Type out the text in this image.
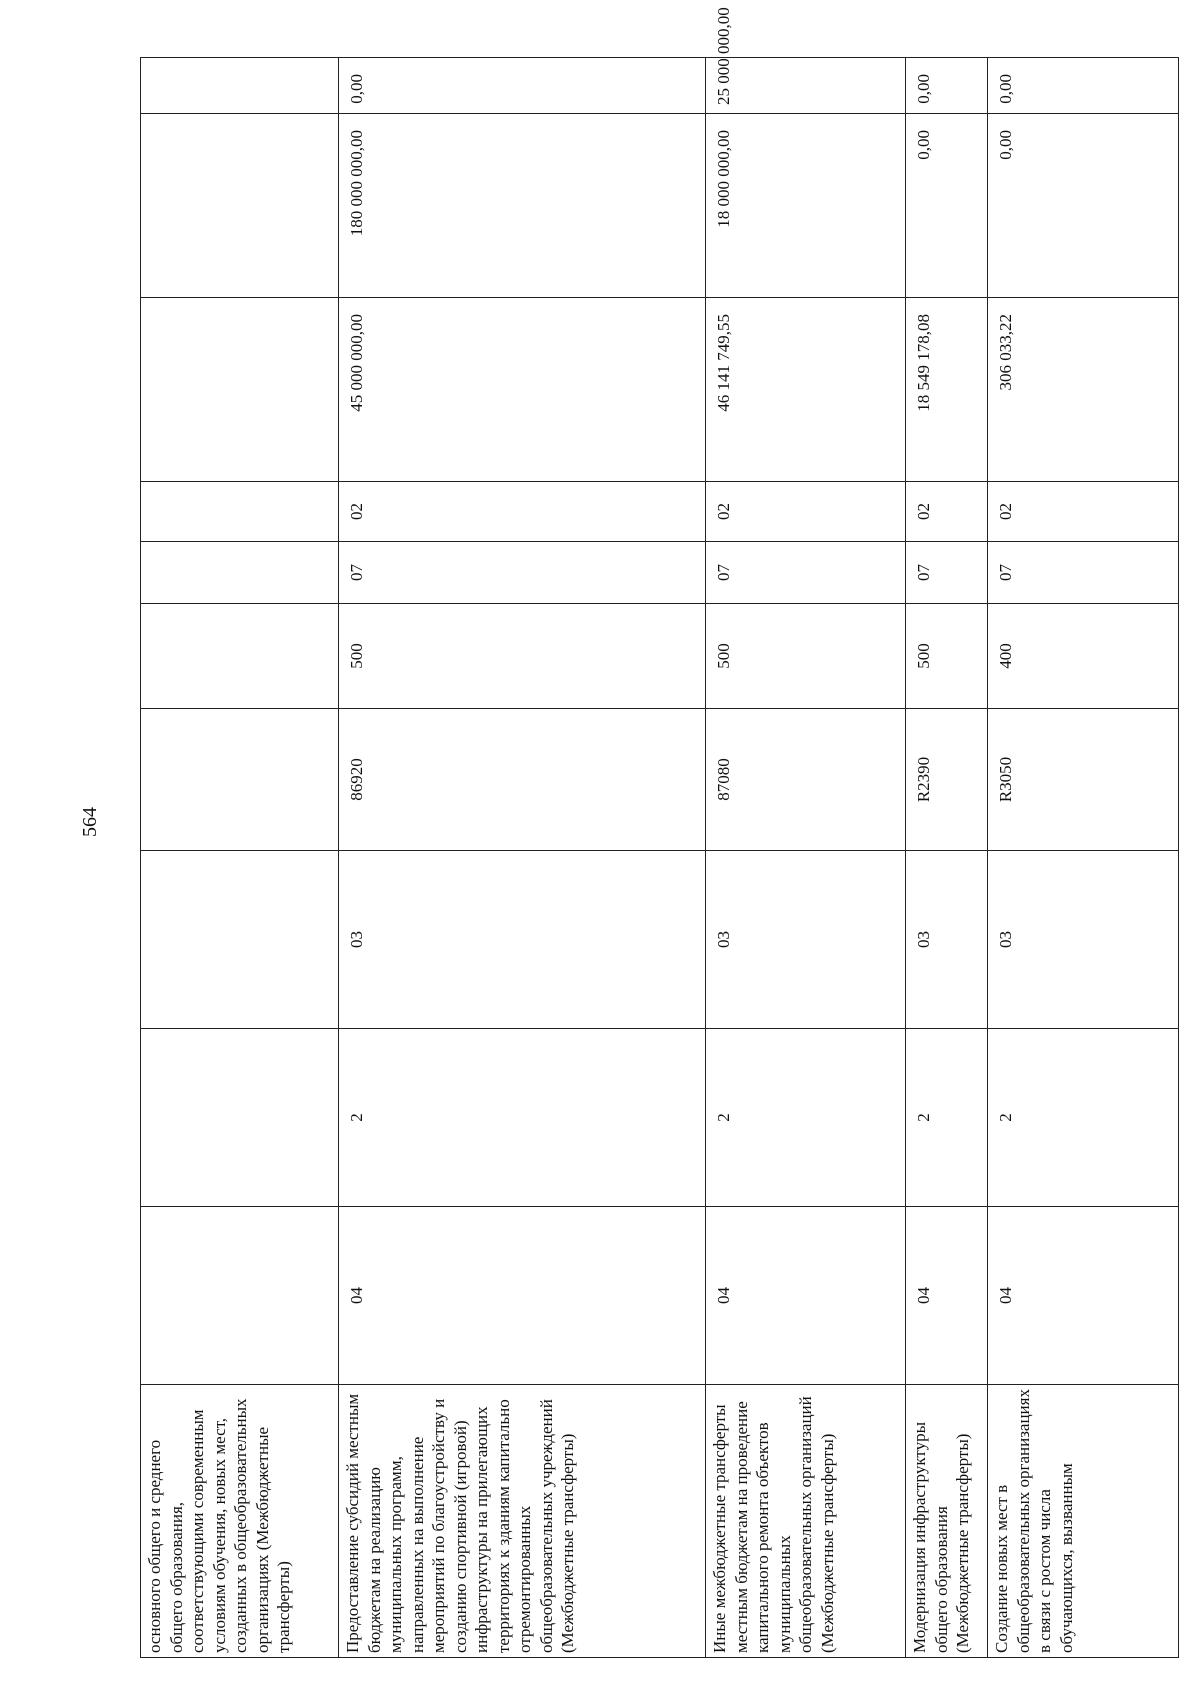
564
основного общего и среднего общего образования, соответствующими современным условиям обучения, новых мест, созданных в общеобразовательных организациях (Межбюджетные трансферты)										
Предоставление субсидий местным бюджетам на реализацию муниципальных программ, направленных на выполнение мероприятий по благоустройству и созданию спортивной (игровой) инфраструктуры на прилегающих территориях к зданиям капитально отремонтированных общеобразовательных учреждений (Межбюджетные трансферты)	04	2	03	86920	500	07	02	45 000 000,00	180 000 000,00	0,00
Иные межбюджетные трансферты местным бюджетам на проведение капитального ремонта объектов муниципальных общеобразовательных организаций (Межбюджетные трансферты)	04	2	03	87080	500	07	02	46 141 749,55	18 000 000,00	25 000 000,00
Модернизация инфраструктуры общего образования (Межбюджетные трансферты)	04	2	03	R2390	500	07	02	18 549 178,08	0,00	0,00
Создание новых мест в общеобразовательных организациях в связи с ростом числа обучающихся, вызванным	04	2	03	R3050	400	07	02	306 033,22	0,00	0,00
